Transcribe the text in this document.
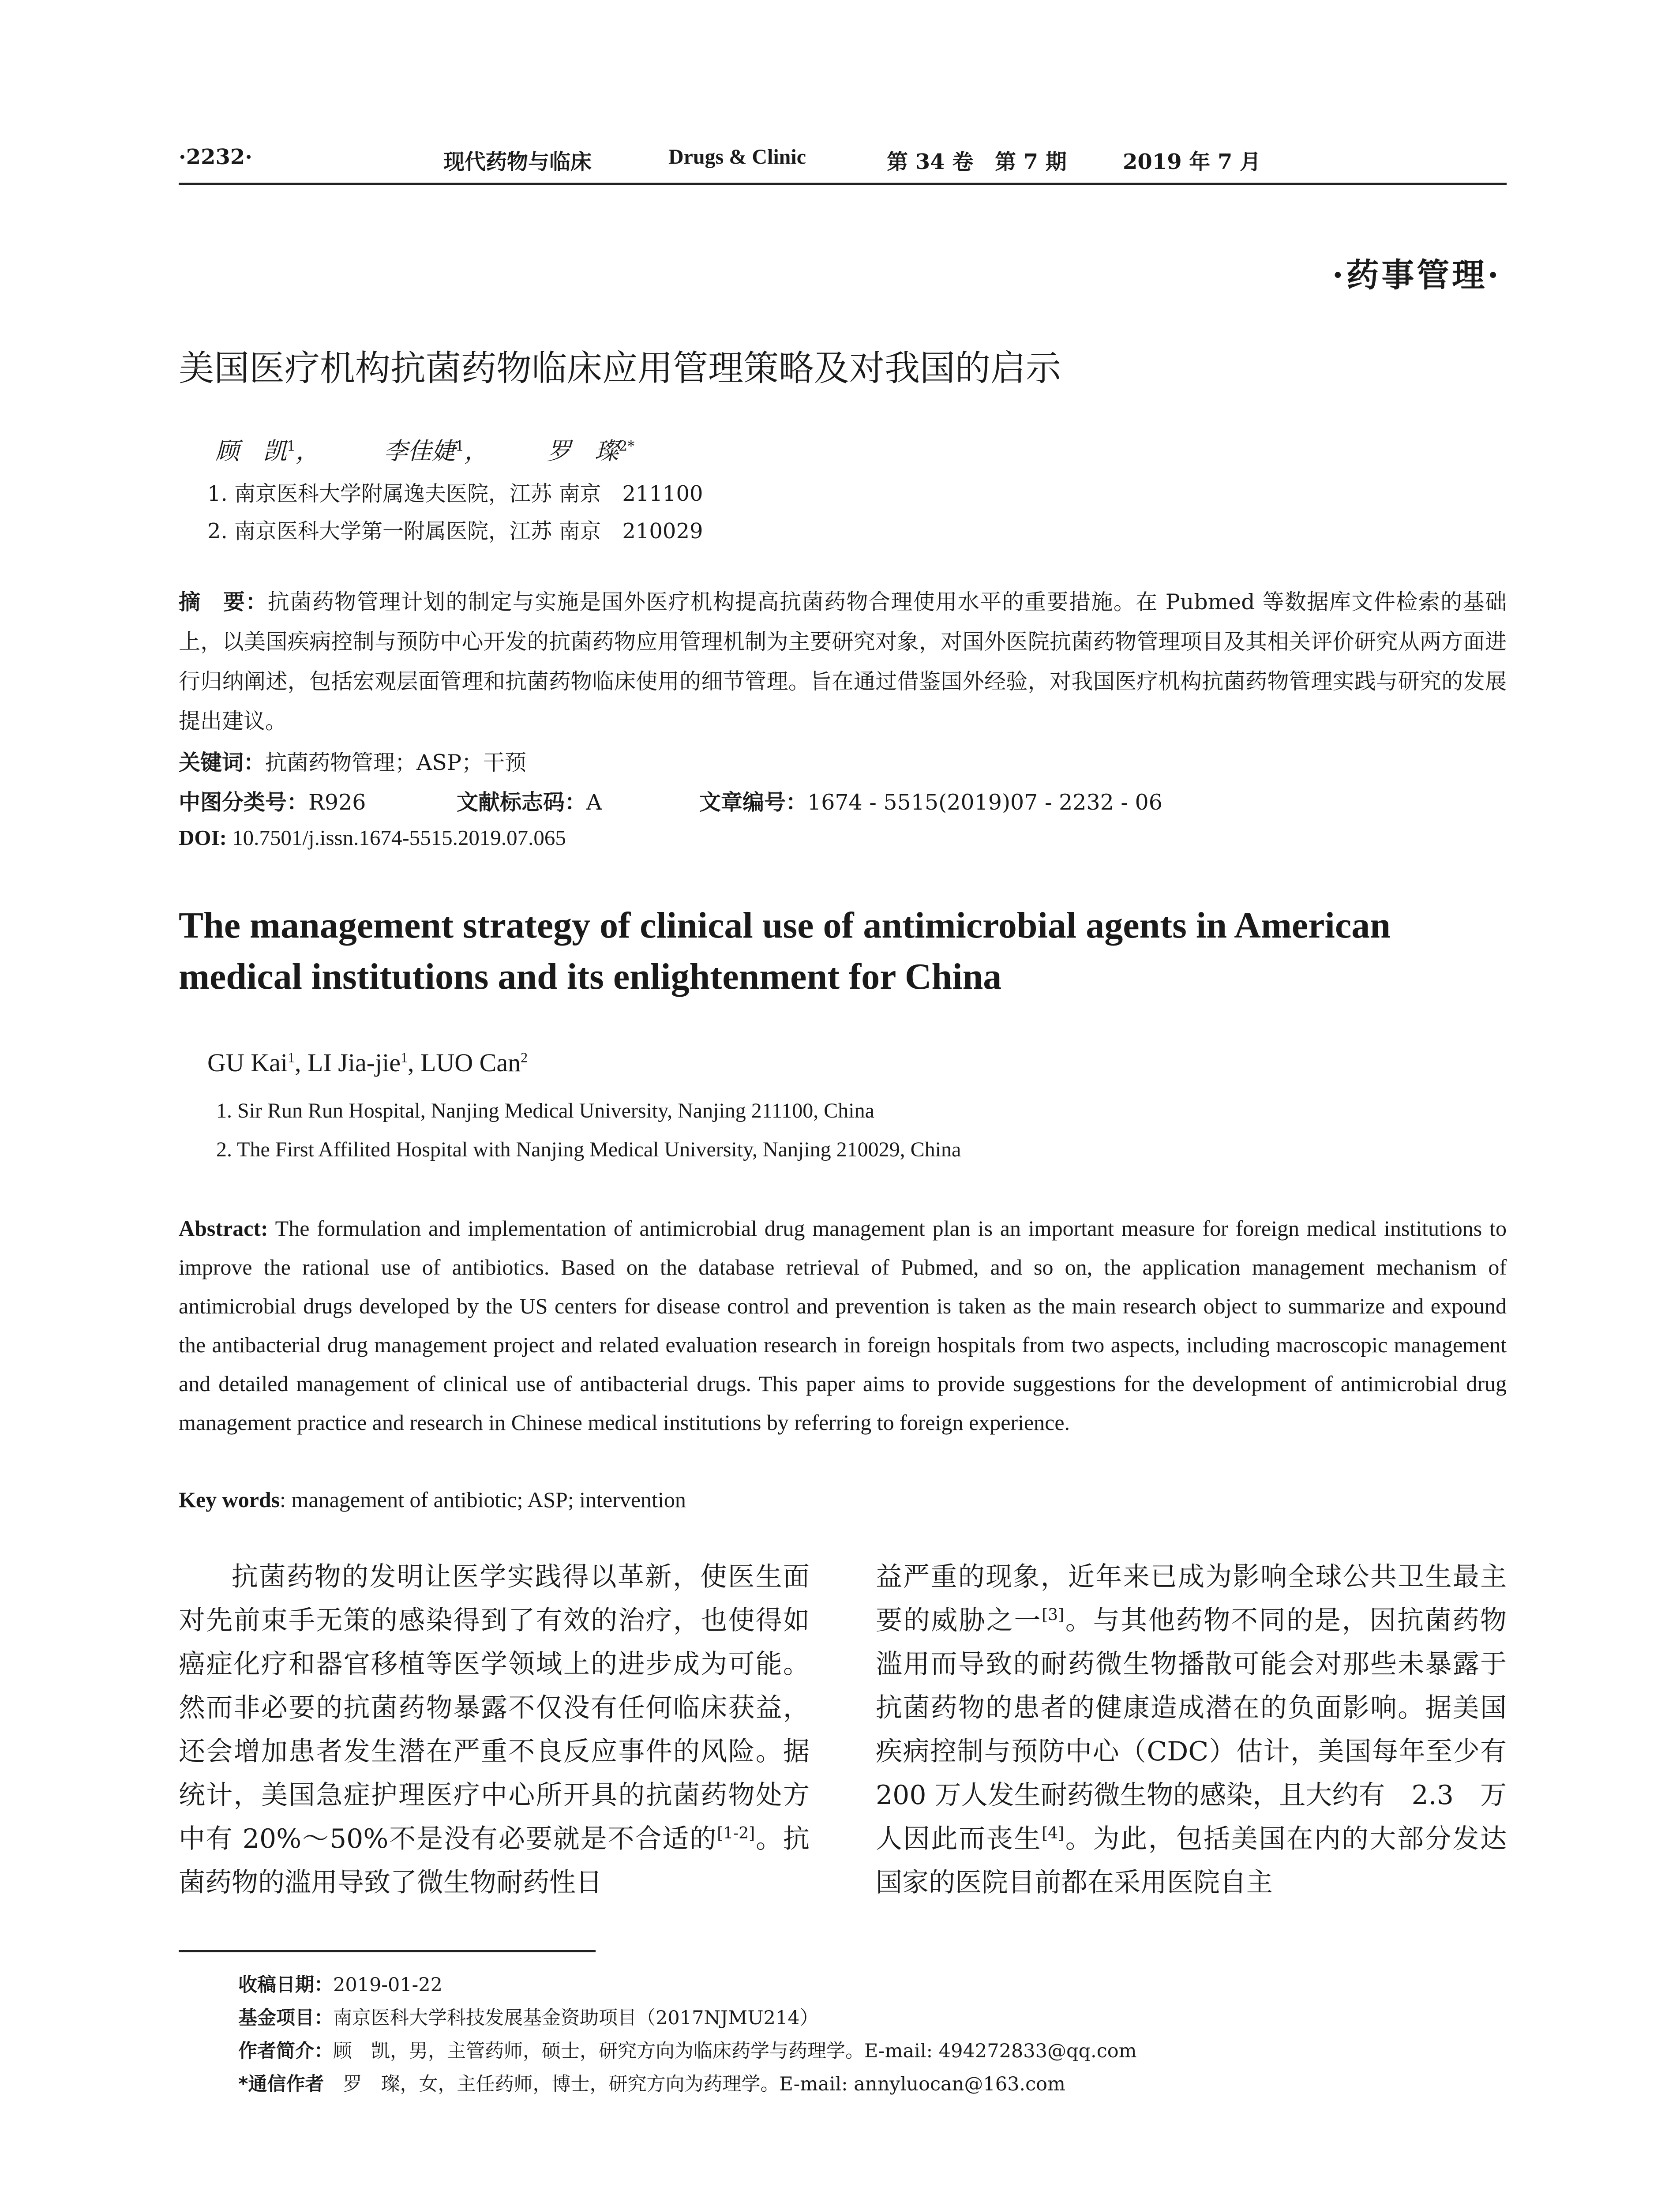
·2232·	现代药物与临床	Drugs & Clinic	第 34 卷 第 7 期	2019 年 7 月
·药事管理·
美国医疗机构抗菌药物临床应用管理策略及对我国的启示
顾　凯$^1$，	李佳婕$^1$， 罗　璨$^{2*}$
1. 南京医科大学附属逸夫医院，江苏 南京　211100
2. 南京医科大学第一附属医院，江苏 南京　210029
摘　要：抗菌药物管理计划的制定与实施是国外医疗机构提高抗菌药物合理使用水平的重要措施。在 Pubmed 等数据库文件检索的基础上，以美国疾病控制与预防中心开发的抗菌药物应用管理机制为主要研究对象，对国外医院抗菌药物管理项目及其相关评价研究从两方面进行归纳阐述，包括宏观层面管理和抗菌药物临床使用的细节管理。旨在通过借鉴国外经验，对我国医疗机构抗菌药物管理实践与研究的发展提出建议。
关键词：抗菌药物管理；ASP；干预
中图分类号：R926	文献标志码：A	文章编号：1674 - 5515(2019)07 - 2232 - 06
DOI: 10.7501/j.issn.1674-5515.2019.07.065
The management strategy of clinical use of antimicrobial agents in American medical institutions and its enlightenment for China
GU Kai$^1$, LI Jia-jie$^1$, LUO Can$^2$
1. Sir Run Run Hospital, Nanjing Medical University, Nanjing 211100, China
2. The First Affilited Hospital with Nanjing Medical University, Nanjing 210029, China
Abstract: The formulation and implementation of antimicrobial drug management plan is an important measure for foreign medical institutions to improve the rational use of antibiotics. Based on the database retrieval of Pubmed, and so on, the application management mechanism of antimicrobial drugs developed by the US centers for disease control and prevention is taken as the main research object to summarize and expound the antibacterial drug management project and related evaluation research in foreign hospitals from two aspects, including macroscopic management and detailed management of clinical use of antibacterial drugs. This paper aims to provide suggestions for the development of antimicrobial drug management practice and research in Chinese medical institutions by referring to foreign experience.
Key words: management of antibiotic; ASP; intervention
抗菌药物的发明让医学实践得以革新，使医生面对先前束手无策的感染得到了有效的治疗，也使得如癌症化疗和器官移植等医学领域上的进步成为可能。然而非必要的抗菌药物暴露不仅没有任何临床获益，还会增加患者发生潜在严重不良反应事件的风险。据统计，美国急症护理医疗中心所开具的抗菌药物处方中有 20%～50%不是没有必要就是不合适的[1-2]。抗菌药物的滥用导致了微生物耐药性日
益严重的现象，近年来已成为影响全球公共卫生最主要的威胁之一[3]。与其他药物不同的是，因抗菌药物滥用而导致的耐药微生物播散可能会对那些未暴露于抗菌药物的患者的健康造成潜在的负面影响。据美国疾病控制与预防中心（CDC）估计，美国每年至少有 200 万人发生耐药微生物的感染，且大约有　2.3　万人因此而丧生[4]。为此，包括美国在内的大部分发达国家的医院目前都在采用医院自主
收稿日期：2019-01-22
基金项目：南京医科大学科技发展基金资助项目（2017NJMU214）
作者简介：顾　凯，男，主管药师，硕士，研究方向为临床药学与药理学。E-mail: 494272833@qq.com
*通信作者　罗　璨，女，主任药师，博士，研究方向为药理学。E-mail: annyluocan@163.com
